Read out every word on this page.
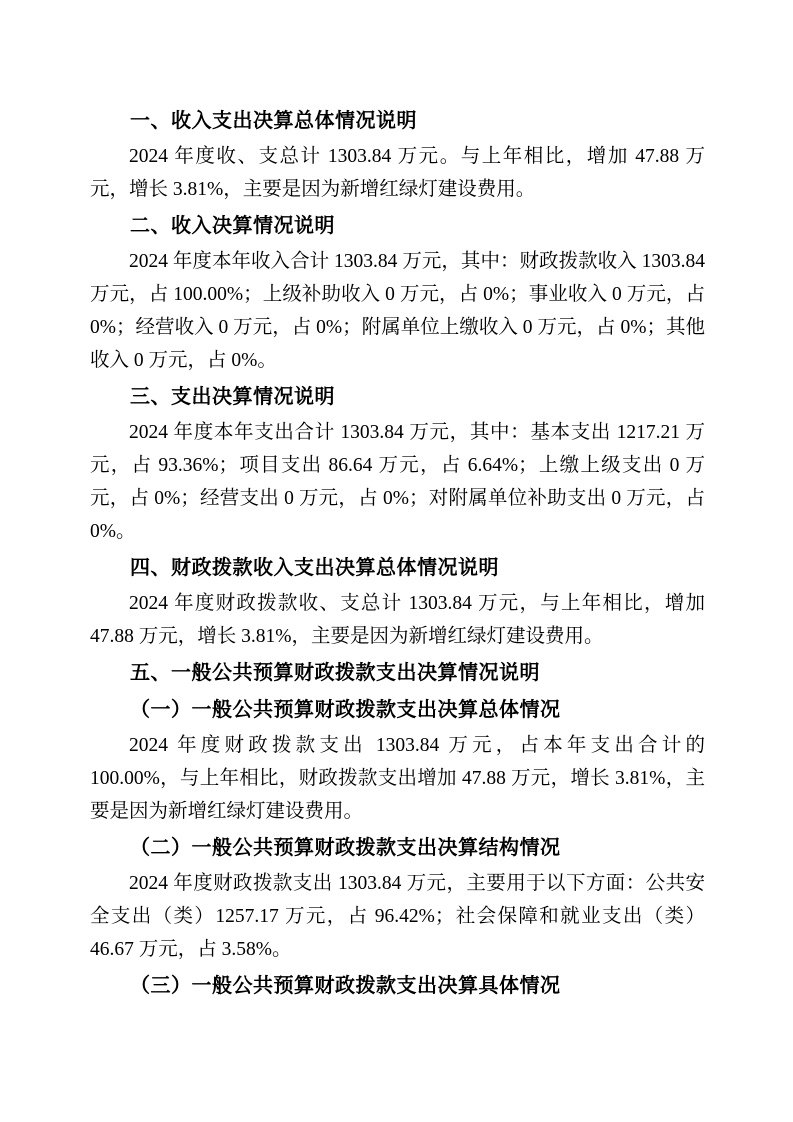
一、收入支出决算总体情况说明

2024 年度收、支总计 1303.84 万元。与上年相比，增加 47.88 万元，增长 3.81%，主要是因为新增红绿灯建设费用。

二、收入决算情况说明

2024 年度本年收入合计 1303.84 万元，其中：财政拨款收入 1303.84 万元，占 100.00%；上级补助收入 0 万元，占 0%；事业收入 0 万元，占 0%；经营收入 0 万元，占 0%；附属单位上缴收入 0 万元，占 0%；其他收入 0 万元，占 0%。

三、支出决算情况说明

2024 年度本年支出合计 1303.84 万元，其中：基本支出 1217.21 万元，占 93.36%；项目支出 86.64 万元，占 6.64%；上缴上级支出 0 万元，占 0%；经营支出 0 万元，占 0%；对附属单位补助支出 0 万元，占 0%。

四、财政拨款收入支出决算总体情况说明

2024 年度财政拨款收、支总计 1303.84 万元，与上年相比，增加 47.88 万元，增长 3.81%，主要是因为新增红绿灯建设费用。

五、一般公共预算财政拨款支出决算情况说明
（一）一般公共预算财政拨款支出决算总体情况

2024 年度财政拨款支出 1303.84 万元，占本年支出合计的 100.00%，与上年相比，财政拨款支出增加 47.88 万元，增长 3.81%，主要是因为新增红绿灯建设费用。

（二）一般公共预算财政拨款支出决算结构情况

2024 年度财政拨款支出 1303.84 万元，主要用于以下方面：公共安全支出（类）1257.17 万元，占 96.42%；社会保障和就业支出（类）46.67 万元，占 3.58%。

（三）一般公共预算财政拨款支出决算具体情况
